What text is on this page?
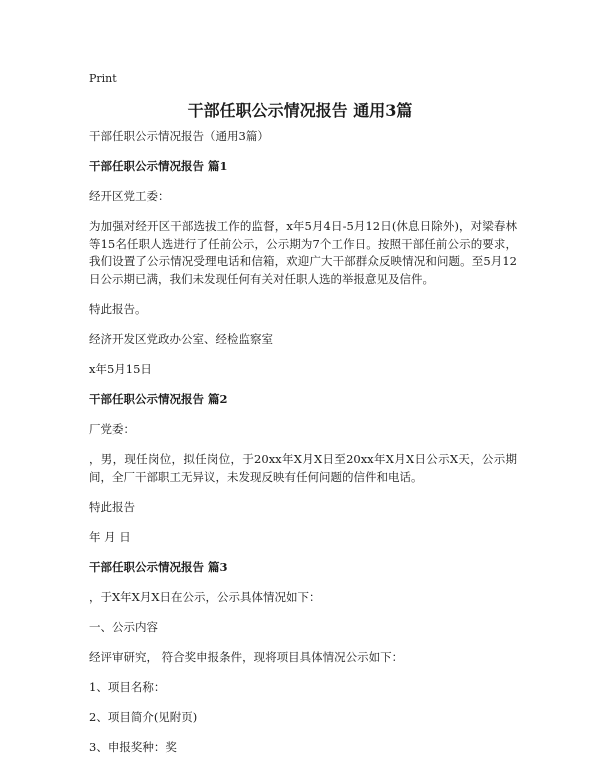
Print
干部任职公示情况报告 通用3篇

干部任职公示情况报告（通用3篇）

干部任职公示情况报告 篇1

经开区党工委：

为加强对经开区干部选拔工作的监督，x年5月4日-5月12日(休息日除外)，对梁春林等15名任职人选进行了任前公示，公示期为7个工作日。按照干部任前公示的要求，我们设置了公示情况受理电话和信箱，欢迎广大干部群众反映情况和问题。至5月12日公示期已满，我们未发现任何有关对任职人选的举报意见及信件。

特此报告。

经济开发区党政办公室、经检监察室

x年5月15日

干部任职公示情况报告 篇2

厂党委：

，男，现任岗位，拟任岗位，于20xx年X月X日至20xx年X月X日公示X天，公示期间，全厂干部职工无异议，未发现反映有任何问题的信件和电话。

特此报告

年 月 日

干部任职公示情况报告 篇3

，于X年X月X日在公示，公示具体情况如下：

一、公示内容

经评审研究， 符合奖申报条件，现将项目具体情况公示如下：

1、项目名称：

2、项目简介(见附页)

3、申报奖种：奖
